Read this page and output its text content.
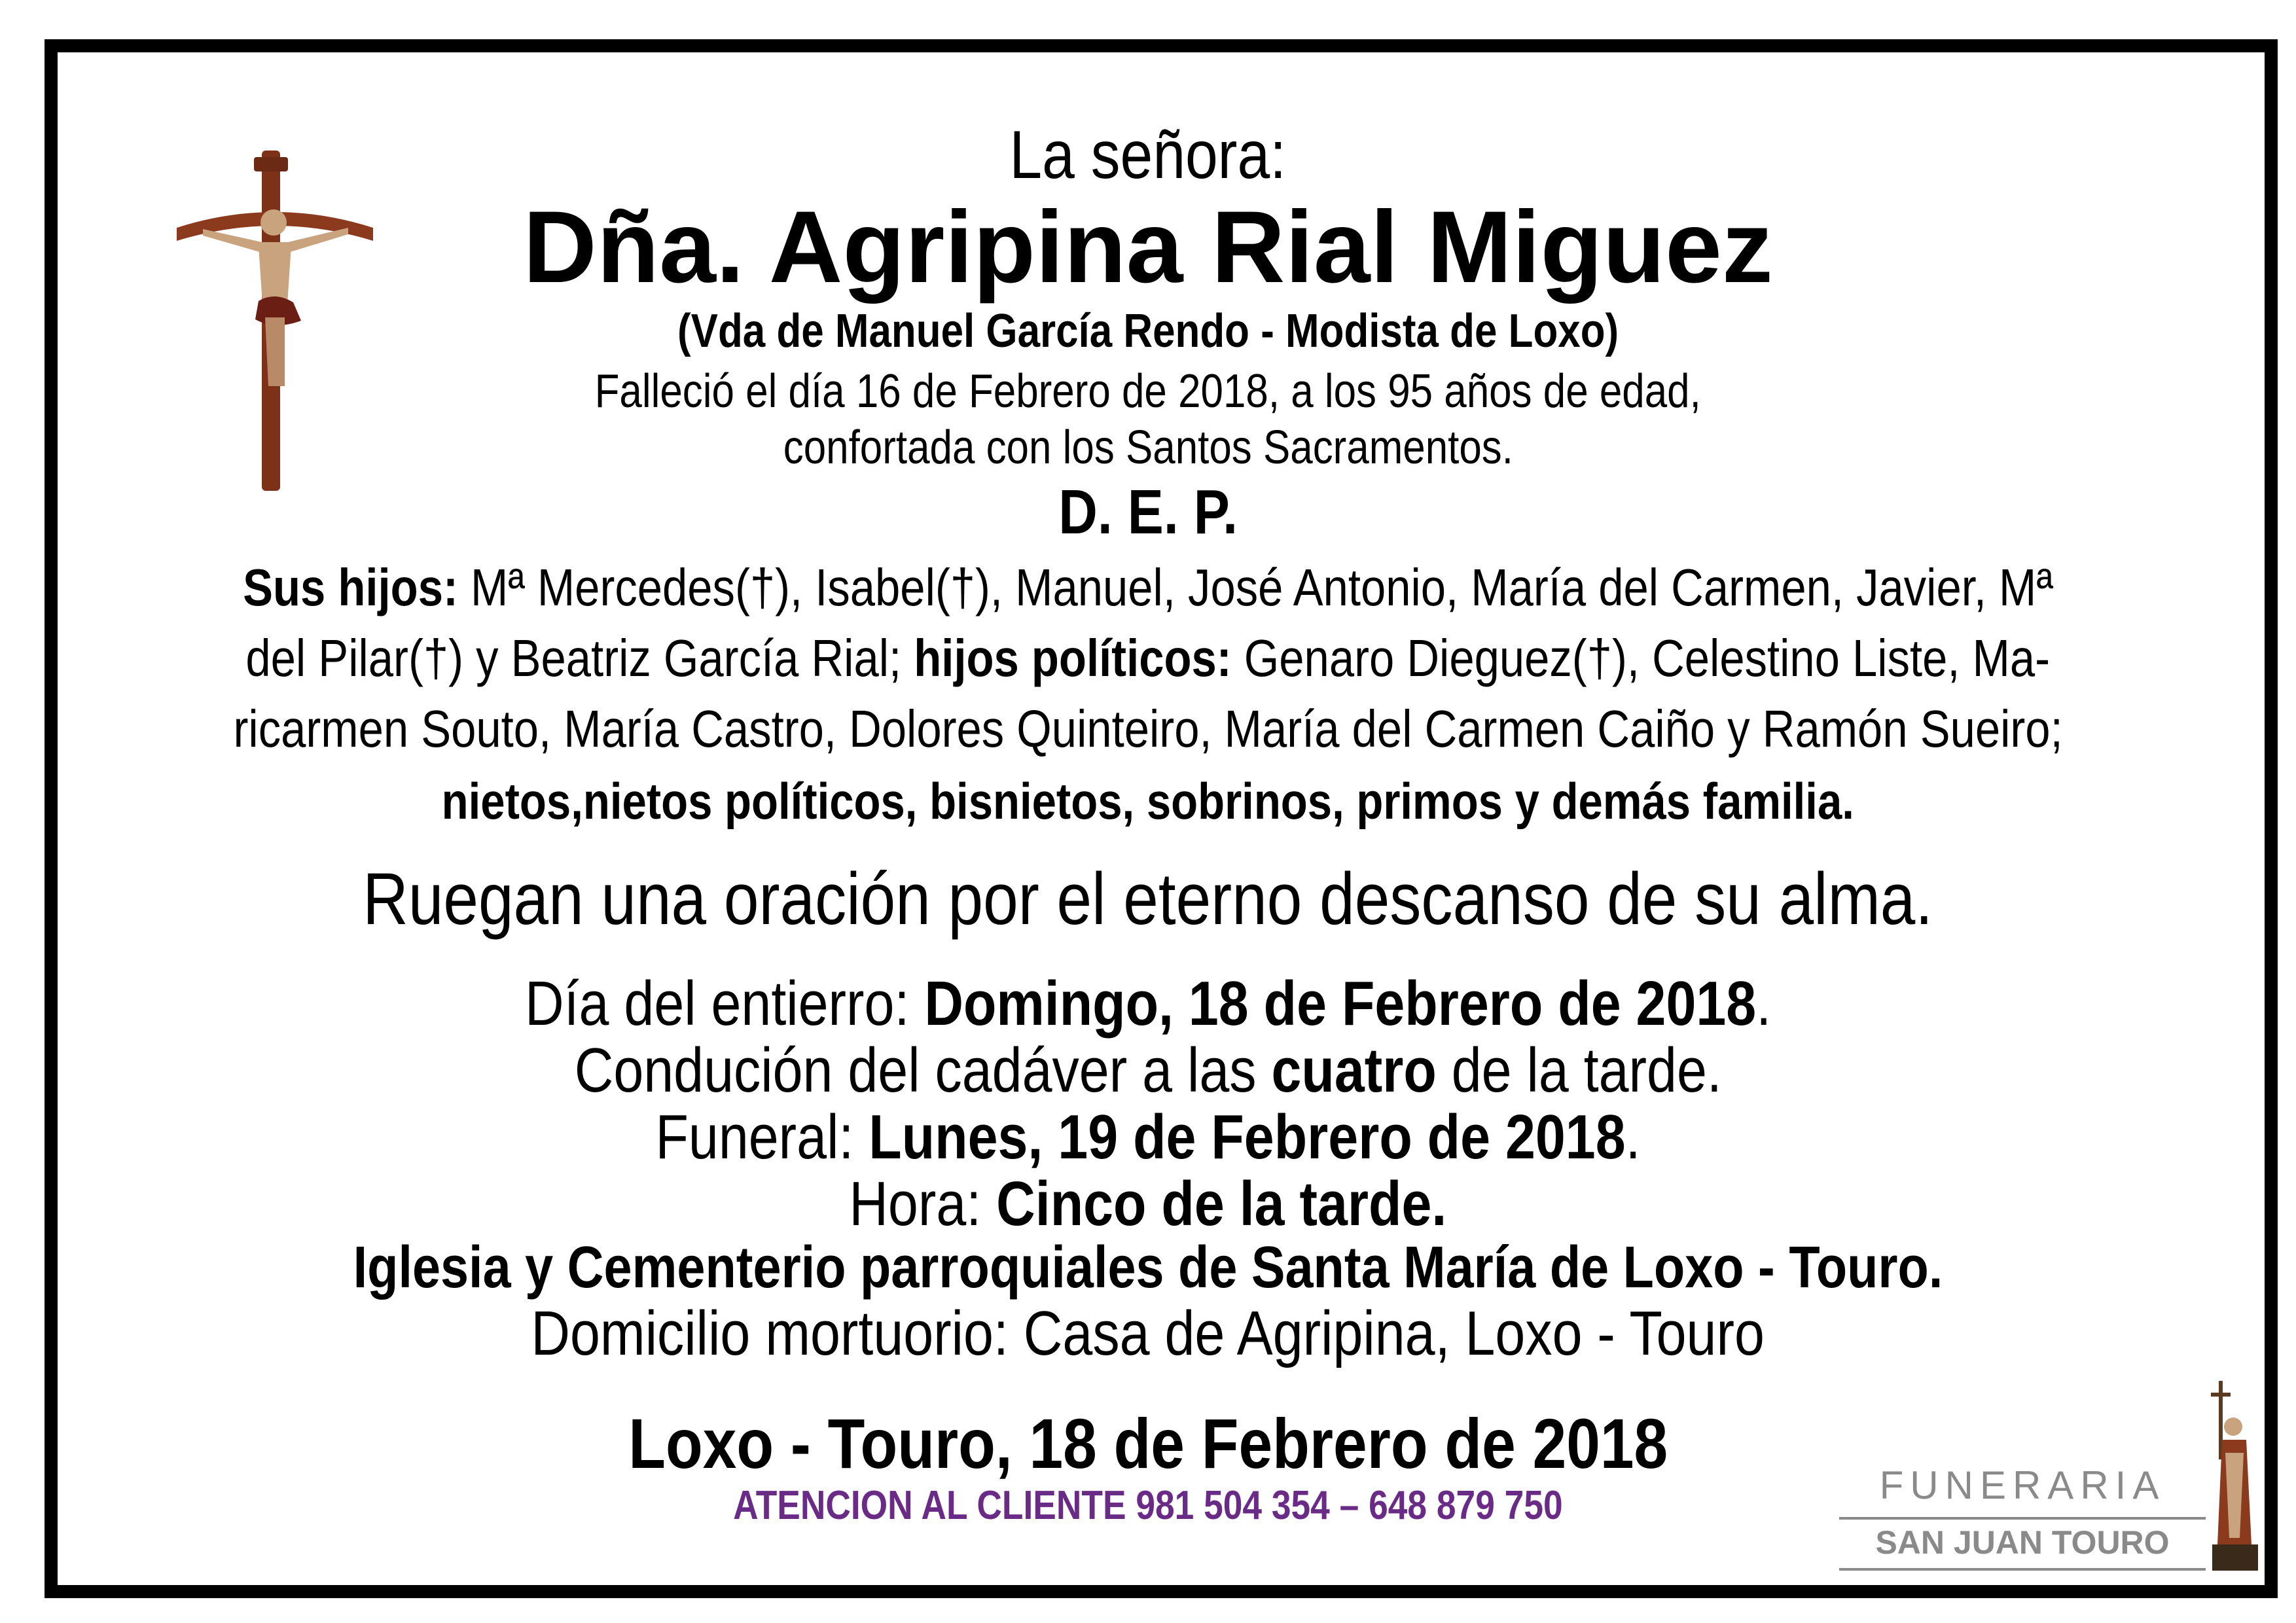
La señora:
Dña. Agripina Rial Miguez
(Vda de Manuel García Rendo - Modista de Loxo)
Falleció el día 16 de Febrero de 2018, a los 95 años de edad,
confortada con los Santos Sacramentos.
D. E. P.
Sus hijos: Mª Mercedes(†), Isabel(†), Manuel, José Antonio, María del Carmen, Javier, Mª
del Pilar(†) y Beatriz García Rial; hijos políticos: Genaro Dieguez(†), Celestino Liste, Ma-
ricarmen Souto, María Castro, Dolores Quinteiro, María del Carmen Caiño y Ramón Sueiro;
nietos,nietos políticos, bisnietos, sobrinos, primos y demás familia.
Ruegan una oración por el eterno descanso de su alma.
Día del entierro: Domingo, 18 de Febrero de 2018.
Condución del cadáver a las cuatro de la tarde.
Funeral: Lunes, 19 de Febrero de 2018.
Hora: Cinco de la tarde.
Iglesia y Cementerio parroquiales de Santa María de Loxo - Touro.
Domicilio mortuorio: Casa de Agripina, Loxo - Touro
Loxo - Touro, 18 de Febrero de 2018
ATENCION AL CLIENTE 981 504 354 – 648 879 750	FUNERARIA
SAN JUAN TOURO
